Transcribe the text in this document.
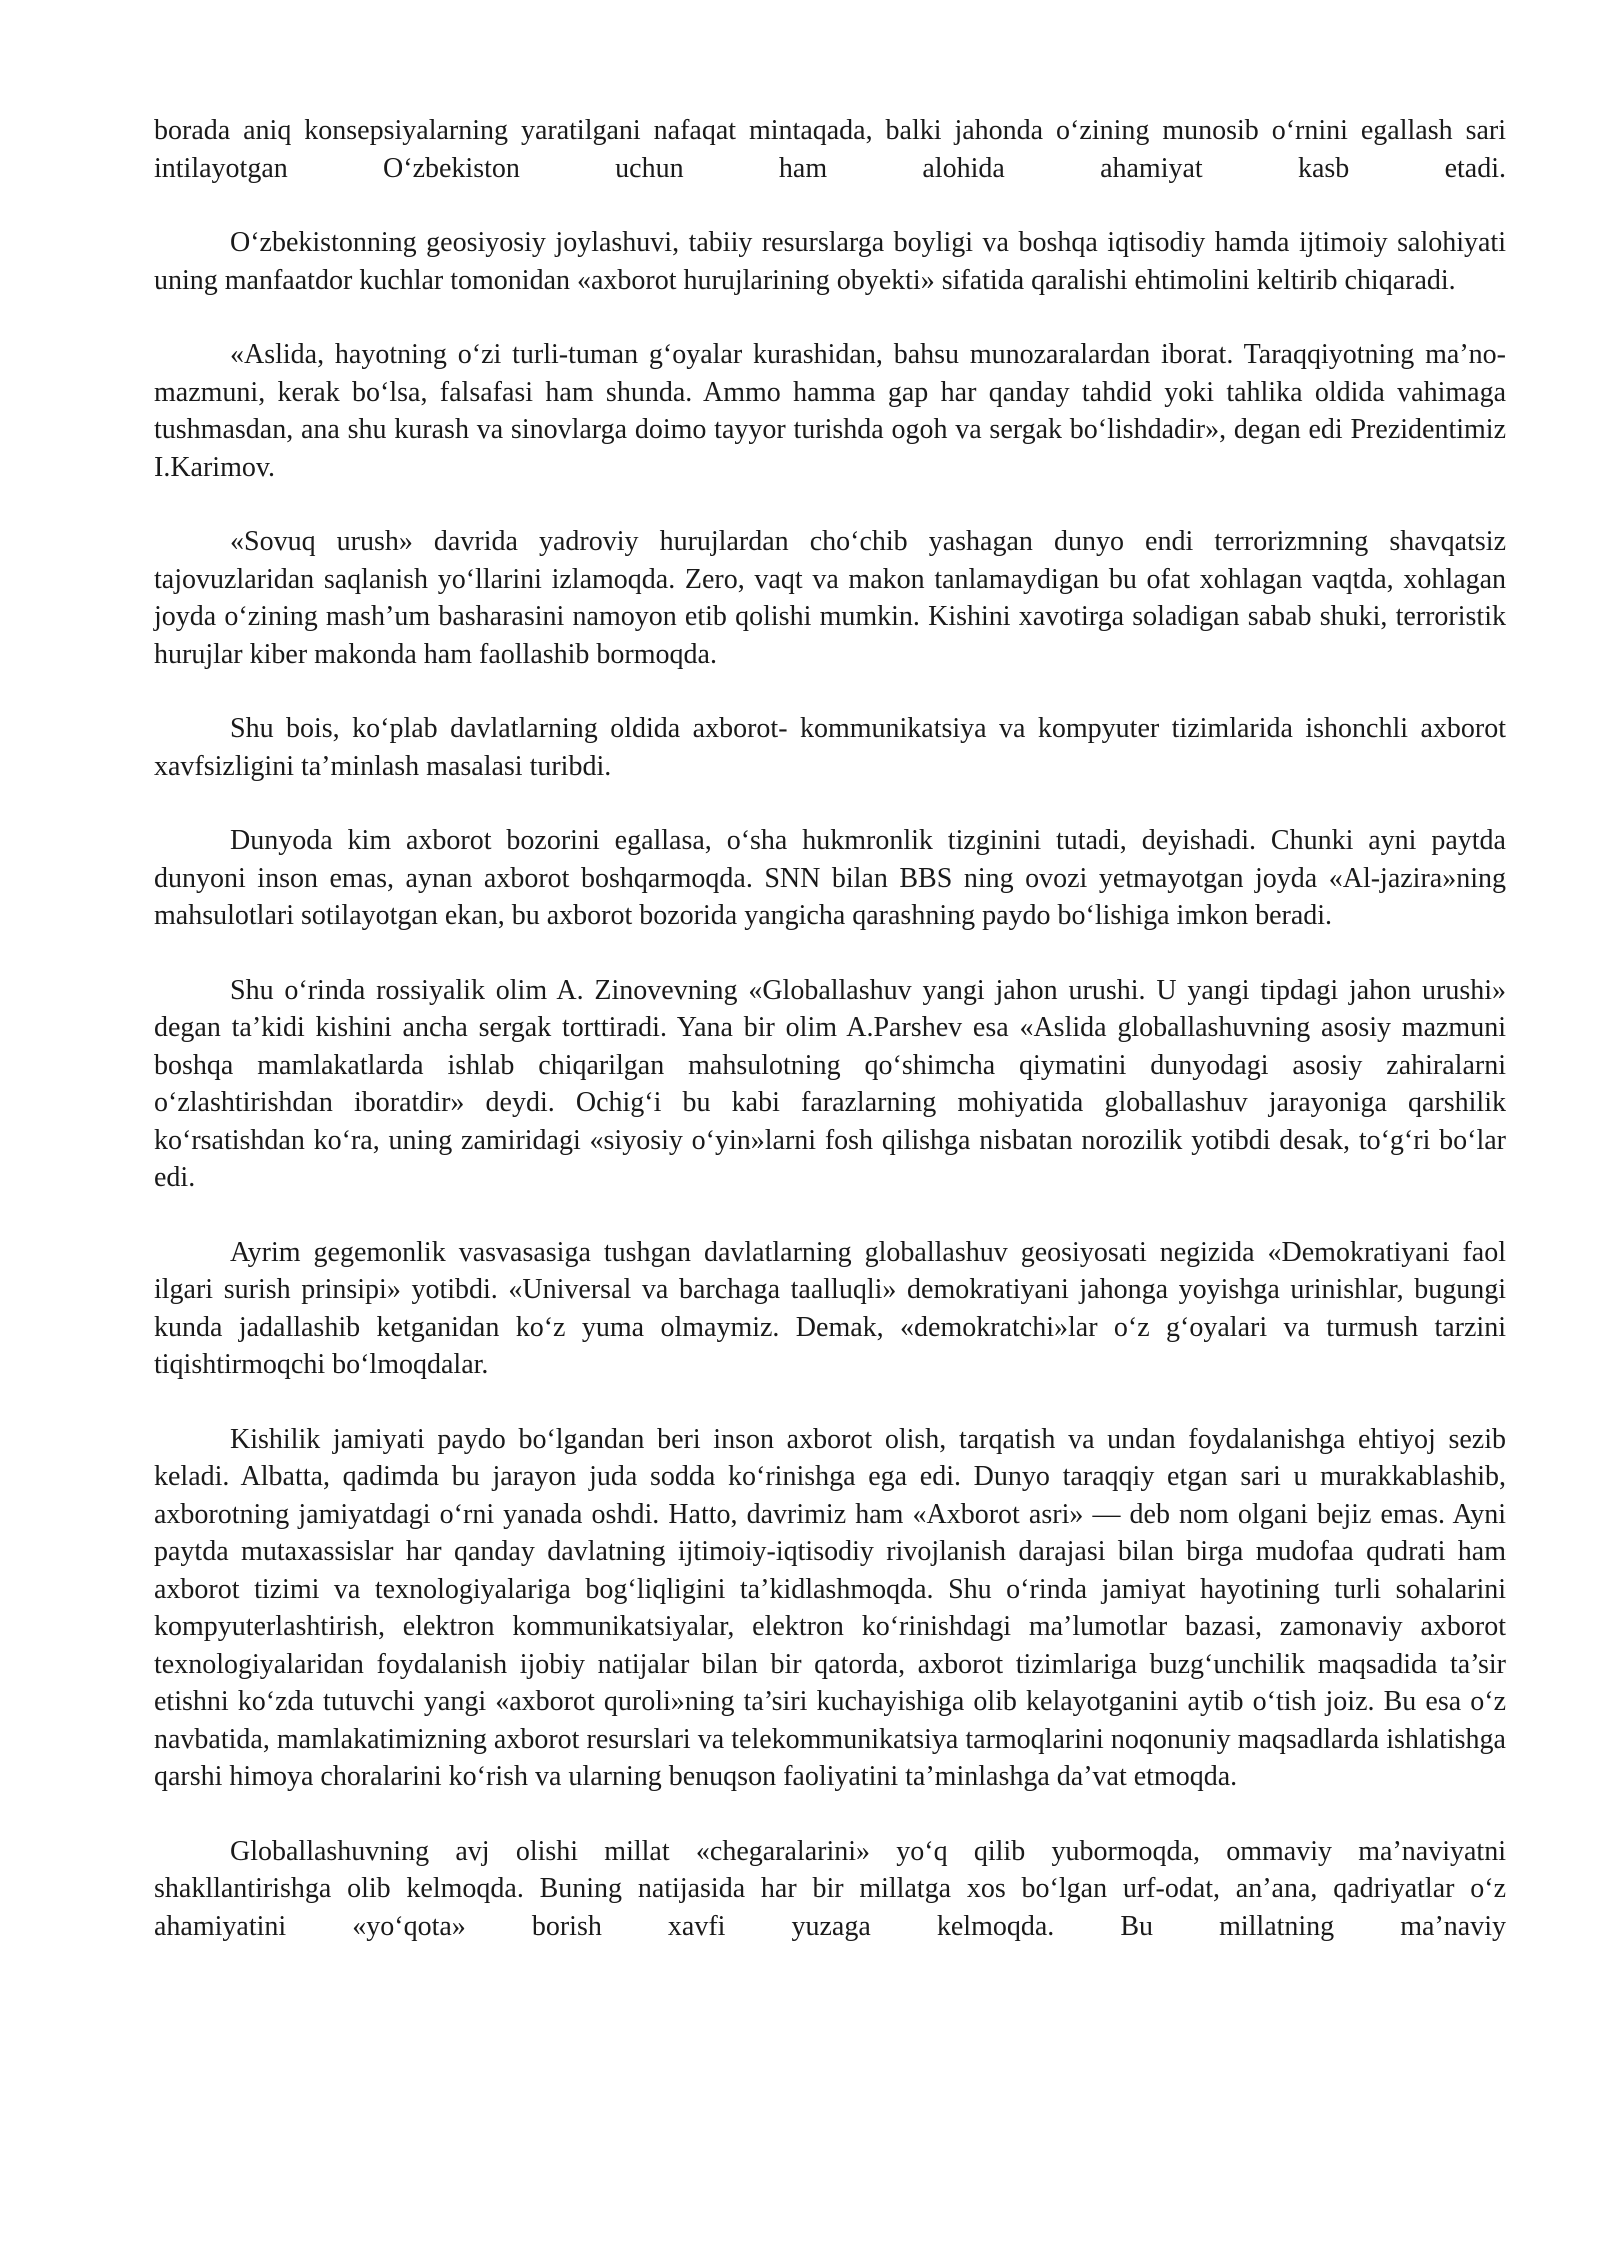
borada aniq konsepsiyalarning yaratilgani nafaqat mintaqada, balki jahonda o‘zining munosib o‘rnini egallash sari intilayotgan O‘zbekiston uchun ham alohida ahamiyat kasb etadi.

O‘zbekistonning geosiyosiy joylashuvi, tabiiy resurslarga boyligi va boshqa iqtisodiy hamda ijtimoiy salohiyati uning manfaatdor kuchlar tomonidan «axborot hurujlarining obyekti» sifatida qaralishi ehtimolini keltirib chiqaradi.

«Aslida, hayotning o‘zi turli-tuman g‘oyalar kurashidan, bahsu munozaralardan iborat. Taraqqiyotning ma’no-mazmuni, kerak bo‘lsa, falsafasi ham shunda. Ammo hamma gap har qanday tahdid yoki tahlika oldida vahimaga tushmasdan, ana shu kurash va sinovlarga doimo tayyor turishda ogoh va sergak bo‘lishdadir», degan edi Prezidentimiz I.Karimov.

«Sovuq urush» davrida yadroviy hurujlardan cho‘chib yashagan dunyo endi terrorizmning shavqatsiz tajovuzlaridan saqlanish yo‘llarini izlamoqda. Zero, vaqt va makon tanlamaydigan bu ofat xohlagan vaqtda, xohlagan joyda o‘zining mash’um basharasini namoyon etib qolishi mumkin. Kishini xavotirga soladigan sabab shuki, terroristik hurujlar kiber makonda ham faollashib bormoqda.

Shu bois, ko‘plab davlatlarning oldida axborot- kommunikatsiya va kompyuter tizimlarida ishonchli axborot xavfsizligini ta’minlash masalasi turibdi.

Dunyoda kim axborot bozorini egallasa, o‘sha hukmronlik tizginini tutadi, deyishadi. Chunki ayni paytda dunyoni inson emas, aynan axborot boshqarmoqda. SNN bilan BBS ning ovozi yetmayotgan joyda «Al-jazira»ning mahsulotlari sotilayotgan ekan, bu axborot bozorida yangicha qarashning paydo bo‘lishiga imkon beradi.

Shu o‘rinda rossiyalik olim A. Zinovevning «Globallashuv yangi jahon urushi. U yangi tipdagi jahon urushi» degan ta’kidi kishini ancha sergak torttiradi. Yana bir olim A.Parshev esa «Aslida globallashuvning asosiy mazmuni boshqa mamlakatlarda ishlab chiqarilgan mahsulotning qo‘shimcha qiymatini dunyodagi asosiy zahiralarni o‘zlashtirishdan iboratdir» deydi. Ochig‘i bu kabi farazlarning mohiyatida globallashuv jarayoniga qarshilik ko‘rsatishdan ko‘ra, uning zamiridagi «siyosiy o‘yin»larni fosh qilishga nisbatan norozilik yotibdi desak, to‘g‘ri bo‘lar edi.

Ayrim gegemonlik vasvasasiga tushgan davlatlarning globallashuv geosiyosati negizida «Demokratiyani faol ilgari surish prinsipi» yotibdi. «Universal va barchaga taalluqli» demokratiyani jahonga yoyishga urinishlar, bugungi kunda jadallashib ketganidan ko‘z yuma olmaymiz. Demak, «demokratchi»lar o‘z g‘oyalari va turmush tarzini tiqishtirmoqchi bo‘lmoqdalar.

Kishilik jamiyati paydo bo‘lgandan beri inson axborot olish, tarqatish va undan foydalanishga ehtiyoj sezib keladi. Albatta, qadimda bu jarayon juda sodda ko‘rinishga ega edi. Dunyo taraqqiy etgan sari u murakkablashib, axborotning jamiyatdagi o‘rni yanada oshdi. Hatto, davrimiz ham «Axborot asri» — deb nom olgani bejiz emas. Ayni paytda mutaxassislar har qanday davlatning ijtimoiy-iqtisodiy rivojlanish darajasi bilan birga mudofaa qudrati ham axborot tizimi va texnologiyalariga bog‘liqligini ta’kidlashmoqda. Shu o‘rinda jamiyat hayotining turli sohalarini kompyuterlashtirish, elektron kommunikatsiyalar, elektron ko‘rinishdagi ma’lumotlar bazasi, zamonaviy axborot texnologiyalaridan foydalanish ijobiy natijalar bilan bir qatorda, axborot tizimlariga buzg‘unchilik maqsadida ta’sir etishni ko‘zda tutuvchi yangi «axborot quroli»ning ta’siri kuchayishiga olib kelayotganini aytib o‘tish joiz. Bu esa o‘z navbatida, mamlakatimizning axborot resurslari va telekommunikatsiya tarmoqlarini noqonuniy maqsadlarda ishlatishga qarshi himoya choralarini ko‘rish va ularning benuqson faoliyatini ta’minlashga da’vat etmoqda.

Globallashuvning avj olishi millat «chegaralarini» yo‘q qilib yubormoqda, ommaviy ma’naviyatni shakllantirishga olib kelmoqda. Buning natijasida har bir millatga xos bo‘lgan urf-odat, an’ana, qadriyatlar o‘z ahamiyatini «yo‘qota» borish xavfi yuzaga kelmoqda. Bu millatning ma’naviy
